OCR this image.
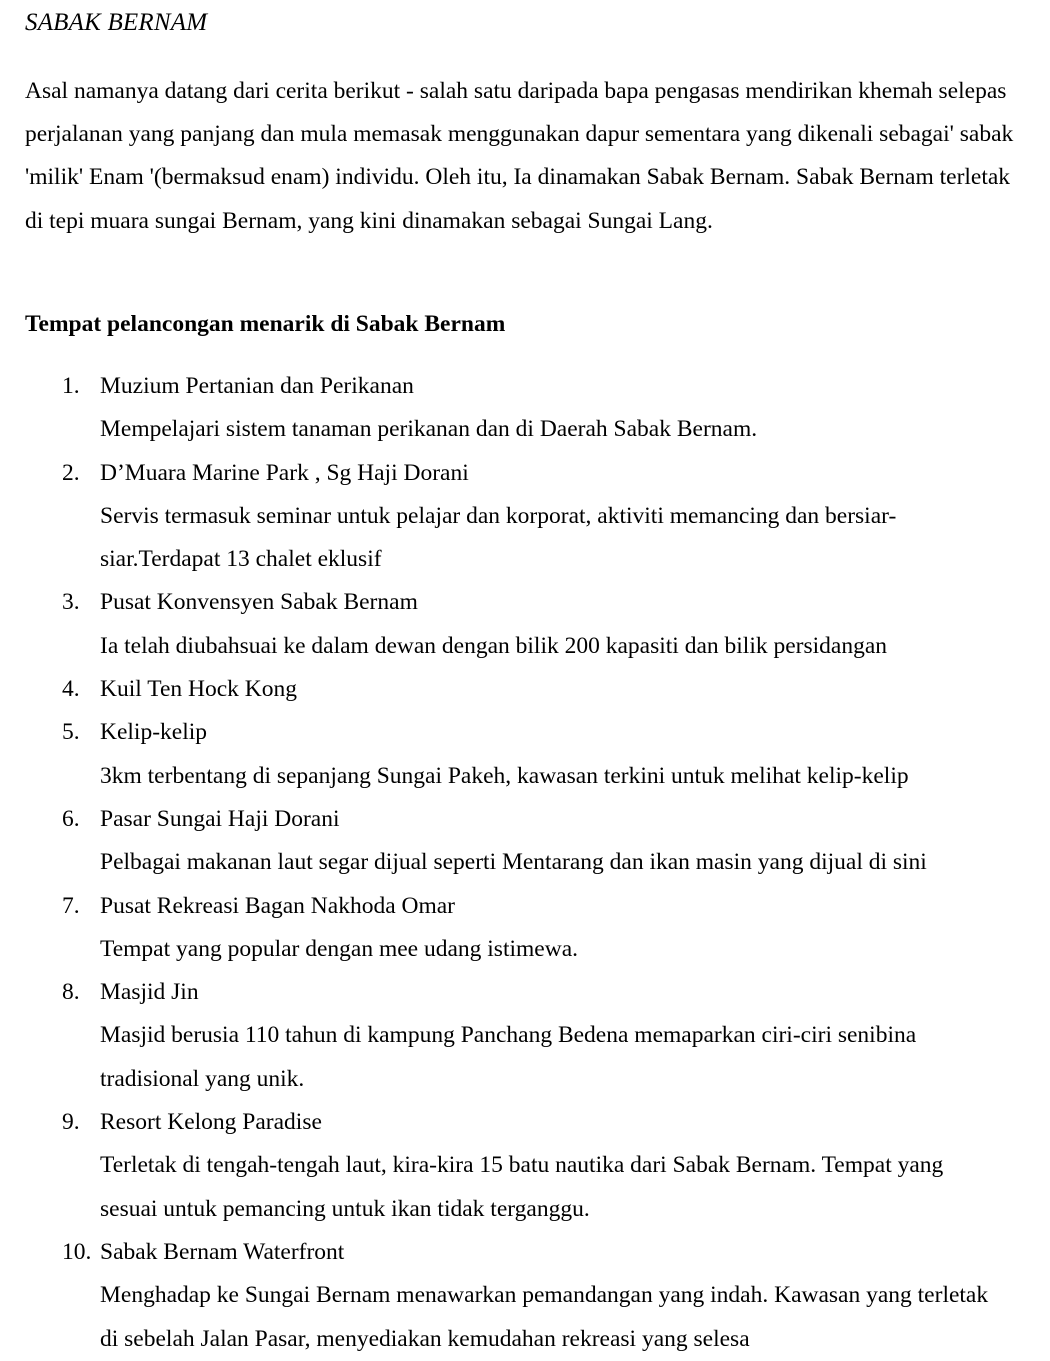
SABAK BERNAM

Asal namanya datang dari cerita berikut - salah satu daripada bapa pengasas mendirikan khemah selepas perjalanan yang panjang dan mula memasak menggunakan dapur sementara yang dikenali sebagai' sabak 'milik' Enam '(bermaksud enam) individu. Oleh itu, Ia dinamakan Sabak Bernam. Sabak Bernam terletak di tepi muara sungai Bernam, yang kini dinamakan sebagai Sungai Lang.

Tempat pelancongan menarik di Sabak Bernam
1. Muzium Pertanian dan Perikanan
Mempelajari sistem tanaman perikanan dan di Daerah Sabak Bernam.
2. D’Muara Marine Park , Sg Haji Dorani
Servis termasuk seminar untuk pelajar dan korporat, aktiviti memancing dan bersiar-siar.Terdapat 13 chalet eklusif
3. Pusat Konvensyen Sabak Bernam
Ia telah diubahsuai ke dalam dewan dengan bilik 200 kapasiti dan bilik persidangan
4. Kuil Ten Hock Kong
5. Kelip-kelip
3km terbentang di sepanjang Sungai Pakeh, kawasan terkini untuk melihat kelip-kelip
6. Pasar Sungai Haji Dorani
Pelbagai makanan laut segar dijual seperti Mentarang dan ikan masin yang dijual di sini
7. Pusat Rekreasi Bagan Nakhoda Omar
Tempat yang popular dengan mee udang istimewa.
8. Masjid Jin
Masjid berusia 110 tahun di kampung Panchang Bedena memaparkan ciri-ciri senibina tradisional yang unik.
9. Resort Kelong Paradise
Terletak di tengah-tengah laut, kira-kira 15 batu nautika dari Sabak Bernam. Tempat yang sesuai untuk pemancing untuk ikan tidak terganggu.
10. Sabak Bernam Waterfront
Menghadap ke Sungai Bernam menawarkan pemandangan yang indah. Kawasan yang terletak di sebelah Jalan Pasar, menyediakan kemudahan rekreasi yang selesa
